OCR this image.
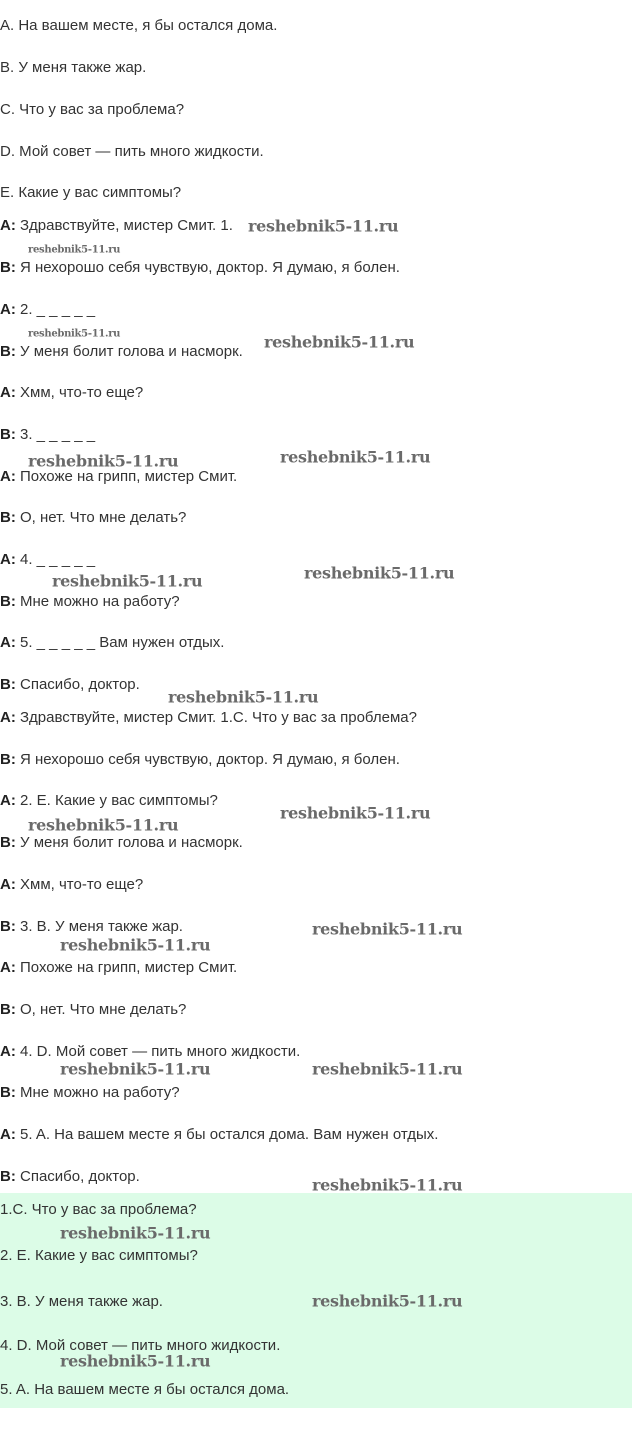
A. На вашем месте, я бы остался дома.
B. У меня также жар.
C. Что у вас за проблема?
D. Мой совет — пить много жидкости.
E. Какие у вас симптомы?
A: Здравствуйте, мистер Смит. 1.
B: Я нехорошо себя чувствую, доктор. Я думаю, я болен.
A: 2. _ _ _ _ _
B: У меня болит голова и насморк.
A: Хмм, что-то еще?
B: 3. _ _ _ _ _
A: Похоже на грипп, мистер Смит.
B: О, нет. Что мне делать?
A: 4. _ _ _ _ _
B: Мне можно на работу?
A: 5. _ _ _ _ _ Вам нужен отдых.
B: Спасибо, доктор.
A: Здравствуйте, мистер Смит. 1.C. Что у вас за проблема?
B: Я нехорошо себя чувствую, доктор. Я думаю, я болен.
A: 2. E. Какие у вас симптомы?
B: У меня болит голова и насморк.
A: Хмм, что-то еще?
B: 3. B. У меня также жар.
A: Похоже на грипп, мистер Смит.
B: О, нет. Что мне делать?
A: 4. D. Мой совет — пить много жидкости.
B: Мне можно на работу?
A: 5. A. На вашем месте я бы остался дома. Вам нужен отдых.
B: Спасибо, доктор.
1.C. Что у вас за проблема?
2. E. Какие у вас симптомы?
3. B. У меня также жар.
4. D. Мой совет — пить много жидкости.
5. A. На вашем месте я бы остался дома.
reshebnik5-11.ru
reshebnik5-11.ru
reshebnik5-11.ru	reshebnik5-11.ru
reshebnik5-11.ru	reshebnik5-11.ru
reshebnik5-11.ru	reshebnik5-11.ru
reshebnik5-11.ru
reshebnik5-11.ru
reshebnik5-11.ru
reshebnik5-11.ru
reshebnik5-11.ru
reshebnik5-11.ru	reshebnik5-11.ru
reshebnik5-11.ru
reshebnik5-11.ru
reshebnik5-11.ru
reshebnik5-11.ru
